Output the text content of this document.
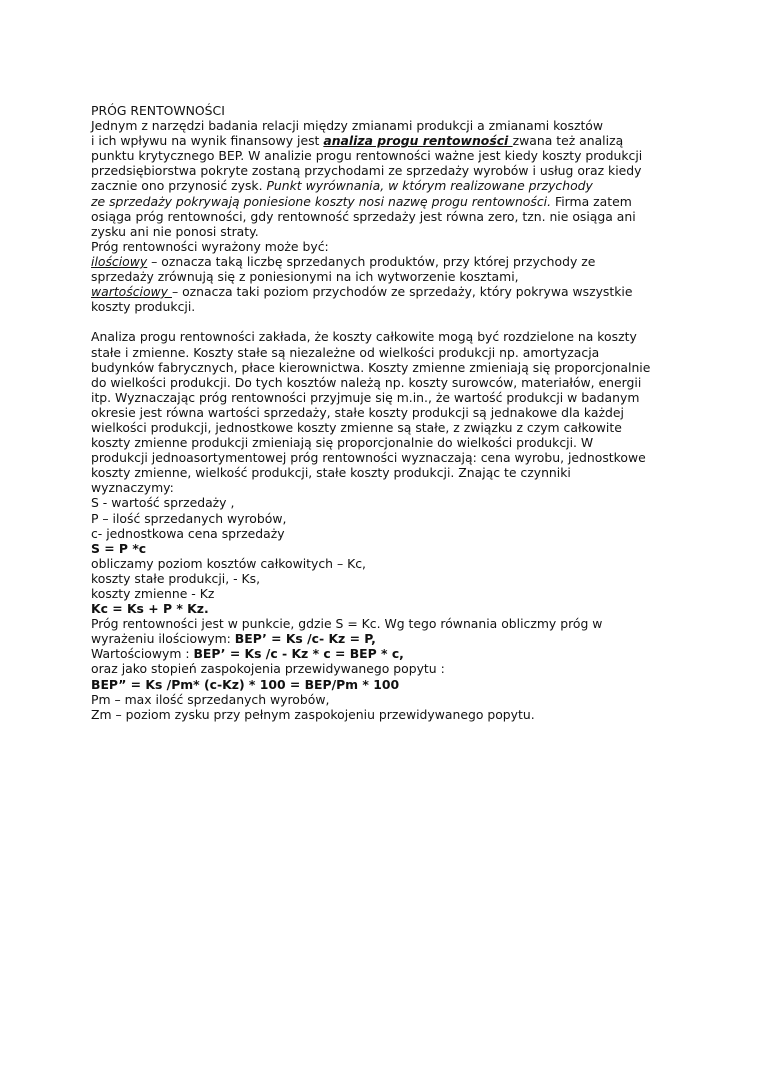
PRÓG RENTOWNOŚCI
Jednym z narzędzi badania relacji między zmianami produkcji a zmianami kosztów
i ich wpływu na wynik finansowy jest analiza progu rentowności zwana też analizą
punktu krytycznego BEP. W analizie progu rentowności ważne jest kiedy koszty produkcji
przedsiębiorstwa pokryte zostaną przychodami ze sprzedaży wyrobów i usług oraz kiedy
zacznie ono przynosić zysk. Punkt wyrównania, w którym realizowane przychody
ze sprzedaży pokrywają poniesione koszty nosi nazwę progu rentowności. Firma zatem
osiąga próg rentowności, gdy rentowność sprzedaży jest równa zero, tzn. nie osiąga ani
zysku ani nie ponosi straty.
Próg rentowności wyrażony może być:
ilościowy – oznacza taką liczbę sprzedanych produktów, przy której przychody ze
sprzedaży zrównują się z poniesionymi na ich wytworzenie kosztami,
wartościowy – oznacza taki poziom przychodów ze sprzedaży, który pokrywa wszystkie
koszty produkcji.
Analiza progu rentowności zakłada, że koszty całkowite mogą być rozdzielone na koszty
stałe i zmienne. Koszty stałe są niezależne od wielkości produkcji np. amortyzacja
budynków fabrycznych, płace kierownictwa. Koszty zmienne zmieniają się proporcjonalnie
do wielkości produkcji. Do tych kosztów należą np. koszty surowców, materiałów, energii
itp. Wyznaczając próg rentowności przyjmuje się m.in., że wartość produkcji w badanym
okresie jest równa wartości sprzedaży, stałe koszty produkcji są jednakowe dla każdej
wielkości produkcji, jednostkowe koszty zmienne są stałe, z związku z czym całkowite
koszty zmienne produkcji zmieniają się proporcjonalnie do wielkości produkcji. W
produkcji jednoasortymentowej próg rentowności wyznaczają: cena wyrobu, jednostkowe
koszty zmienne, wielkość produkcji, stałe koszty produkcji. Znając te czynniki
wyznaczymy:
S - wartość sprzedaży ,
P – ilość sprzedanych wyrobów,
c- jednostkowa cena sprzedaży
S = P *c
obliczamy poziom kosztów całkowitych – Kc,
koszty stałe produkcji, - Ks,
koszty zmienne - Kz
Kc = Ks + P * Kz.
Próg rentowności jest w punkcie, gdzie S = Kc. Wg tego równania obliczmy próg w
wyrażeniu ilościowym: BEP’ = Ks /c- Kz = P,
Wartościowym : BEP’ = Ks /c - Kz * c = BEP * c,
oraz jako stopień zaspokojenia przewidywanego popytu :
BEP” = Ks /Pm* (c-Kz) * 100 = BEP/Pm * 100
Pm – max ilość sprzedanych wyrobów,
Zm – poziom zysku przy pełnym zaspokojeniu przewidywanego popytu.
